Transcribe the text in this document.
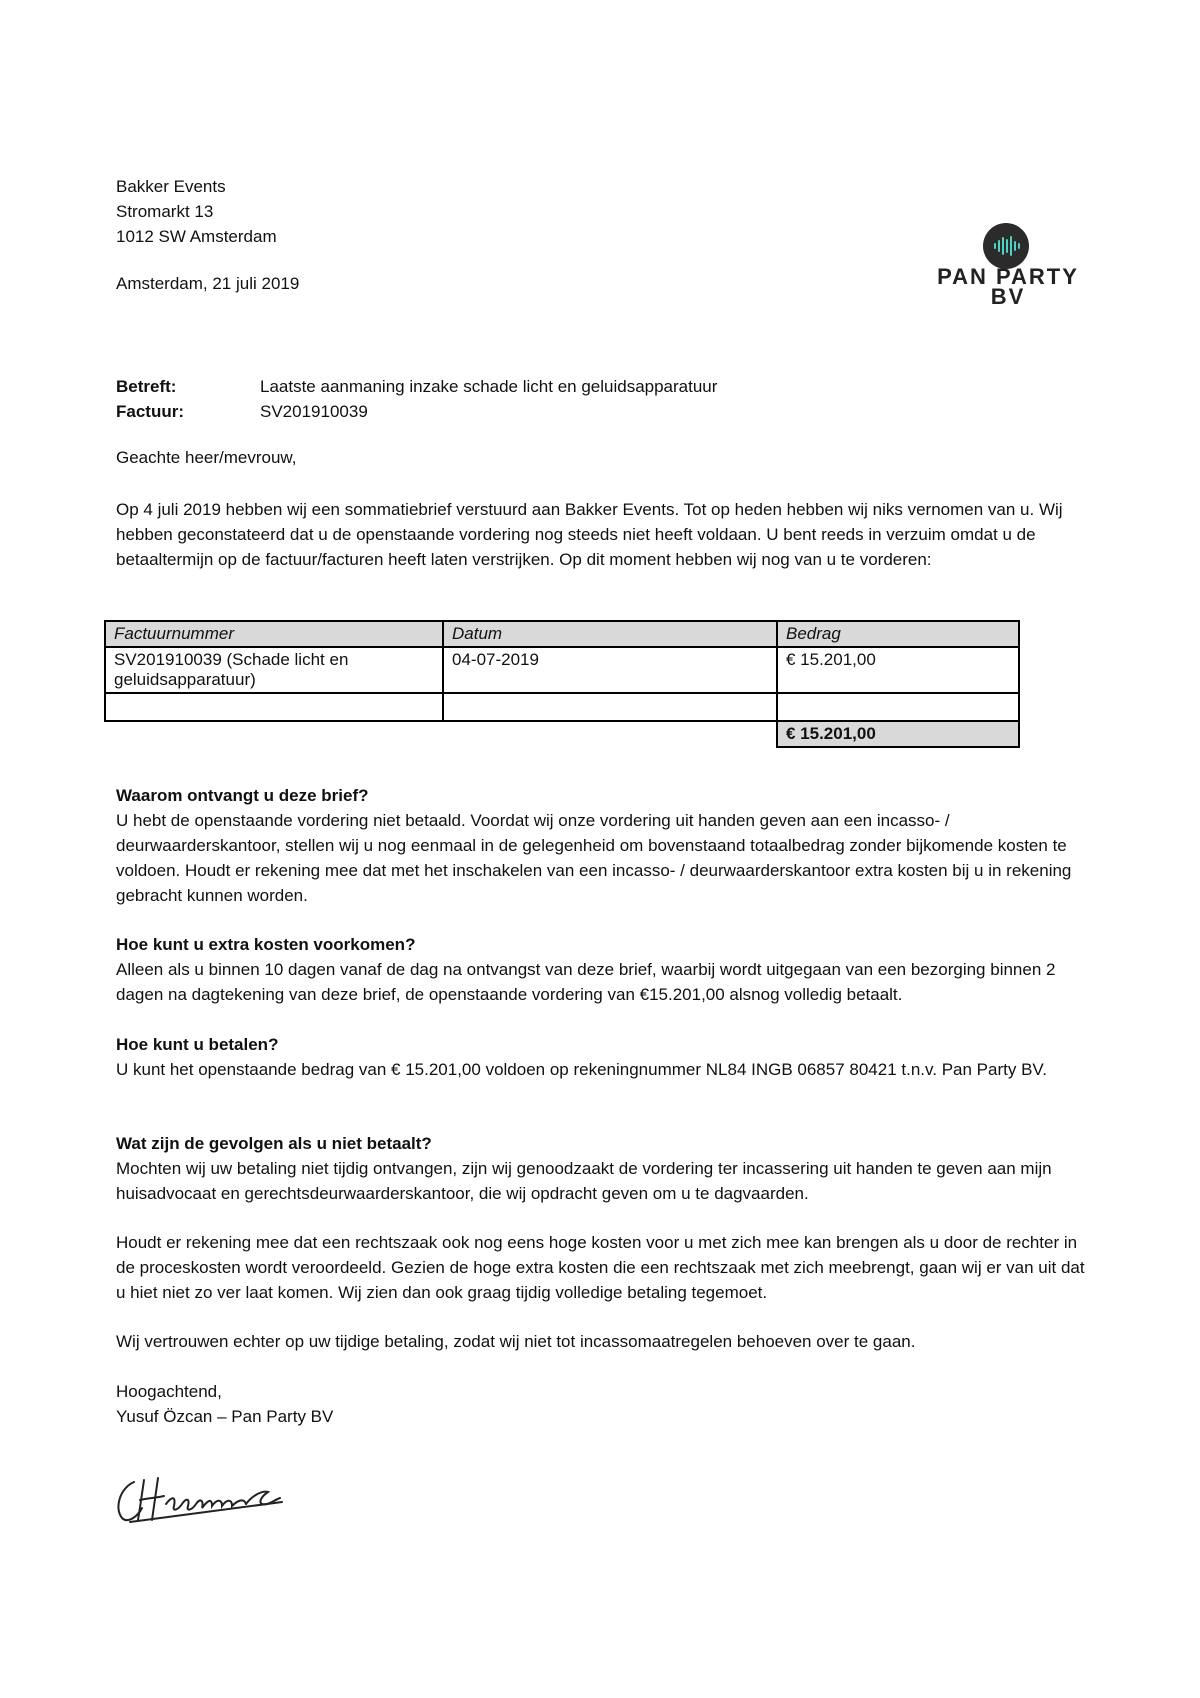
Bakker Events
Stromarkt 13
1012 SW Amsterdam
Amsterdam, 21 juli 2019	PAN PARTY
BV
Betreft:	Laatste aanmaning inzake schade licht en geluidsapparatuur
Factuur:	SV201910039
Geachte heer/mevrouw,
Op 4 juli 2019 hebben wij een sommatiebrief verstuurd aan Bakker Events. Tot op heden hebben wij niks vernomen van u. Wij hebben geconstateerd dat u de openstaande vordering nog steeds niet heeft voldaan. U bent reeds in verzuim omdat u de betaaltermijn op de factuur/facturen heeft laten verstrijken. Op dit moment hebben wij nog van u te vorderen:
Factuurnummer	Datum	Bedrag
SV201910039 (Schade licht en geluidsapparatuur)	04-07-2019	€ 15.201,00

		€ 15.201,00
Waarom ontvangt u deze brief?
U hebt de openstaande vordering niet betaald. Voordat wij onze vordering uit handen geven aan een incasso- / deurwaarderskantoor, stellen wij u nog eenmaal in de gelegenheid om bovenstaand totaalbedrag zonder bijkomende kosten te voldoen. Houdt er rekening mee dat met het inschakelen van een incasso- / deurwaarderskantoor extra kosten bij u in rekening gebracht kunnen worden.
Hoe kunt u extra kosten voorkomen?
Alleen als u binnen 10 dagen vanaf de dag na ontvangst van deze brief, waarbij wordt uitgegaan van een bezorging binnen 2 dagen na dagtekening van deze brief, de openstaande vordering van €15.201,00 alsnog volledig betaalt.
Hoe kunt u betalen?
U kunt het openstaande bedrag van € 15.201,00 voldoen op rekeningnummer NL84 INGB 06857 80421 t.n.v. Pan Party BV.
Wat zijn de gevolgen als u niet betaalt?
Mochten wij uw betaling niet tijdig ontvangen, zijn wij genoodzaakt de vordering ter incassering uit handen te geven aan mijn huisadvocaat en gerechtsdeurwaarderskantoor, die wij opdracht geven om u te dagvaarden.
Houdt er rekening mee dat een rechtszaak ook nog eens hoge kosten voor u met zich mee kan brengen als u door de rechter in de proceskosten wordt veroordeeld. Gezien de hoge extra kosten die een rechtszaak met zich meebrengt, gaan wij er van uit dat u hiet niet zo ver laat komen. Wij zien dan ook graag tijdig volledige betaling tegemoet.
Wij vertrouwen echter op uw tijdige betaling, zodat wij niet tot incassomaatregelen behoeven over te gaan.
Hoogachtend,
Yusuf Özcan – Pan Party BV
